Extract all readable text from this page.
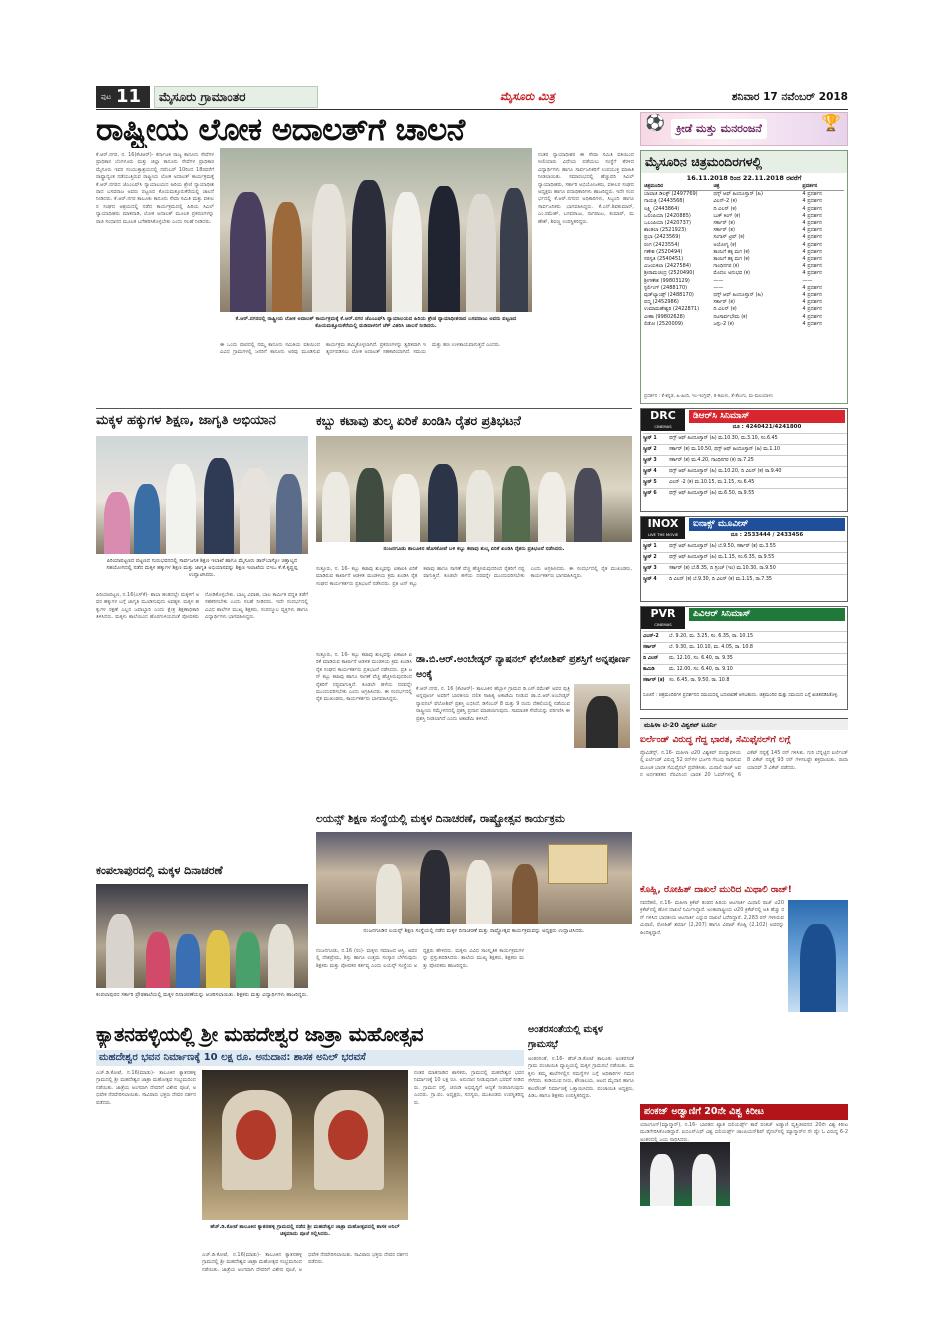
ಪುಟ 11	ಮೈಸೂರು ಗ್ರಾಮಾಂತರ	ಮೈಸೂರು ಮಿತ್ರ	ಶನಿವಾರ 17 ನವೆಂಬರ್ 2018
ರಾಷ್ಟ್ರೀಯ ಲೋಕ ಅದಾಲತ್‌ಗೆ ಚಾಲನೆ
ಕೆ.ಆರ್.ನಗರ, ನ. 16(ಕೆಟಿಆರ್)- ಕರ್ನಾಟಕ ರಾಜ್ಯ ಕಾನೂನು ಸೇವೆಗಳ ಪ್ರಾಧಿಕಾರ ಬೆಂಗಳೂರು ಮತ್ತು ಜಿಲ್ಲಾ ಕಾನೂನು ಸೇವೆಗಳ ಪ್ರಾಧಿಕಾರ ಮೈಸೂರು ಇವರ ಸಂಯುಕ್ತಾಶ್ರಯದಲ್ಲಿ ನವೆಂಬರ್ 10ರಿಂದ 18ರವರೆಗೆ ರಾಷ್ಟ್ರಾದ್ಯಂತ ನಡೆಯುತ್ತಿರುವ ರಾಷ್ಟ್ರೀಯ ಲೋಕ ಅದಾಲತ್ ಕಾರ್ಯಕ್ರಮಕ್ಕೆ ಕೆ.ಆರ್.ನಗರದ ಜೆಎಂಎಫ್‌ಸಿ ನ್ಯಾಯಾಲಯದ ಹಿರಿಯ ಶ್ರೇಣಿ ನ್ಯಾಯಾಧೀಶರಾದ ಬಸವರಾಜ ಅವರು ಪಟ್ಟಣದ ಕೊಯಮತ್ತೂರುಕೆರೆಯಲ್ಲಿ ಚಾಲನೆ ನೀಡಿದರು. ಕೆ.ಆರ್.ನಗರ ತಾಲೂಕು ಕಾನೂನು ಸೇವಾ ಸಮಿತಿ ಮತ್ತು ವಕೀಲರ ಸಂಘದ ಆಶ್ರಯದಲ್ಲಿ ನಡೆದ ಕಾರ್ಯಕ್ರಮದಲ್ಲಿ ಹಿರಿಯ ಸಿವಿಲ್ ನ್ಯಾಯಾಧೀಶರು ಮಾತನಾಡಿ, ಲೋಕ ಅದಾಲತ್ ಮೂಲಕ ಪ್ರಕರಣಗಳನ್ನು ರಾಜಿ ಸಂಧಾನದ ಮೂಲಕ ಬಗೆಹರಿಸಿಕೊಳ್ಳಬೇಕು ಎಂದು ಸಲಹೆ ನೀಡಿದರು.
ಕೆ.ಆರ್.ನಗರದಲ್ಲಿ ರಾಷ್ಟ್ರೀಯ ಲೋಕ ಅದಾಲತ್ ಕಾರ್ಯಕ್ರಮಕ್ಕೆ ಕೆ.ಆರ್.ನಗರ ಜೆಎಂಎಫ್‌ಸಿ ನ್ಯಾಯಾಲಯದ ಹಿರಿಯ ಶ್ರೇಣಿ ನ್ಯಾಯಾಧೀಶರಾದ ಬಸವರಾಜು ಅವರು ಪಟ್ಟಣದ ಕೊಯಮತ್ತೂರುಕೆರೆಯಲ್ಲಿ ಮಡಿವಾಳರಿಗೆ ಚೆಕ್ ವಿತರಿಸಿ ಚಾಲನೆ ನೀಡಿದರು.
ಈ ಒಂದು ವಾರದಲ್ಲಿ ನಮ್ಮ ಕಾನೂನು ಸಮಿತಿಯ ವತಿಯಿಂದ ವಿವಿಧ ಗ್ರಾಮಗಳಲ್ಲಿ ಜನರಿಗೆ ಕಾನೂನು ಅರಿವು ಮೂಡಿಸುವ ಕಾರ್ಯಕ್ರಮ ಹಮ್ಮಿಕೊಳ್ಳಲಾಗಿದೆ. ಪ್ರಕರಣಗಳನ್ನು ತ್ವರಿತವಾಗಿ ಇತ್ಯರ್ಥಪಡಿಸಲು ಲೋಕ ಅದಾಲತ್ ಸಹಕಾರಿಯಾಗಿದೆ. ಸಮಯ ಮತ್ತು ಹಣ ಉಳಿತಾಯವಾಗುತ್ತದೆ ಎಂದರು.
ನಂತರ ನ್ಯಾಯಾಧೀಶರ ಈ ಸೇವಾ ಸಮಿತಿ ವತಿಯಿಂದ ಸೀಲಿಯಾರು ವಿಧೇಯ ಪಡೆಯಲು ಸಂಸ್ಥೆಗೆ ತೆರಳಿದ ವಿದ್ಯಾರ್ಥಿಗಳು ಹಾಗೂ ಸಾರ್ವಜನಿಕರಿಗೆ ಉಪಯುಕ್ತ ಮಾಹಿತಿ ನೀಡಲಾಯಿತು. ಸಮಾರಂಭದಲ್ಲಿ ಹೆಚ್ಚುವರಿ ಸಿವಿಲ್ ನ್ಯಾಯಾಧೀಶರು, ಸರ್ಕಾರಿ ಅಭಿಯೋಜಕರು, ವಕೀಲರ ಸಂಘದ ಅಧ್ಯಕ್ಷರು ಹಾಗೂ ಪದಾಧಿಕಾರಿಗಳು ಹಾಜರಿದ್ದರು. ಇದೇ ಸಂದರ್ಭದಲ್ಲಿ ಕೆ.ಆರ್.ನಗರದ ಅಧಿಕಾರಿಗಳು, ಸಿಬ್ಬಂದಿ ಹಾಗೂ ಸಾರ್ವಜನಿಕರು ಭಾಗವಹಿಸಿದ್ದರು. ಕೆ.ಎನ್.ಶಿವಕುಮಾರ್, ಎಂ.ರಮೇಶ್, ಬಸವರಾಜು, ನಾಗರಾಜು, ಕುಮಾರ್, ಮಹೇಶ್, ಶಿವಣ್ಣ ಉಪಸ್ಥಿತರಿದ್ದರು.
⚽	ಕ್ರೀಡೆ ಮತ್ತು ಮನರಂಜನೆ	🏆
ಮೈಸೂರಿನ ಚಿತ್ರಮಂದಿರಗಳಲ್ಲಿ
16.11.2018 ರಿಂದ 22.11.2018 ರವರೆಗೆ
ಚಿತ್ರಮಂದಿರ	ಚಿತ್ರ	ಪ್ರದರ್ಶನ
ಬಾಲಾಜಿ ಡಿಲಕ್ಸ್ (2497769)	ಥಗ್ಸ್ ಆಫ್ ಹಿಂದೂಸ್ತಾನ್ (ಹಿ)	4 ಪ್ರದರ್ಶನ
ಗಾಯತ್ರಿ (2443568)	ವಿಲನ್-2 (ಕ)	4 ಪ್ರದರ್ಶನ
ಲಕ್ಷ್ಮಿ (2443864)	ದಿ ವಿಲನ್ (ಕ)	4 ಪ್ರದರ್ಶನ
ಒಲಿಂಪಿಯಾ (2420885)	ಬುಕ್ ಕಿಂಗ್ (ಕ)	4 ಪ್ರದರ್ಶನ
ಒಲಂಪಿಯಾ (2420737)	ಸರ್ಕಾರ್ (ತ)	4 ಪ್ರದರ್ಶನ
ಶಾಂತಲಾ (2521923)	ಸರ್ಕಾರ್ (ತ)	4 ಪ್ರದರ್ಶನ
ಪ್ರಭಾ (2423569)	ಸಂಗಾಸ್ ಟ್ರಿಪ್ (ಕ)	4 ಪ್ರದರ್ಶನ
ರಂಗ (2423554)	ಅಯೋಗ್ಯ (ಕ)	4 ಪ್ರದರ್ಶನ
ಗಣೇಶ (2520494)	ತಾಯಿಗೆ ತಕ್ಕ ಮಗ (ಕ)	4 ಪ್ರದರ್ಶನ
ಸರಸ್ವತಿ (2540451)	ತಾಯಿಗೆ ತಕ್ಕ ಮಗ (ಕ)	4 ಪ್ರದರ್ಶನ
ವಿಜಯಕಲಾ (2427584)	ಗಾಂಧಿನಗರ (ಕ)	4 ಪ್ರದರ್ಶನ
ಶ್ರೀರಾಮಚಂದ್ರ (2520490)	ಮೊದಲ ಅನುಭವ (ಕ)	4 ಪ್ರದರ್ಶನ
ಶ್ರೀಗಣೇಶ (99803129)	——	——
ಸ್ಟರ್ಲಿಂಗ್ (2488170)	——	4 ಪ್ರದರ್ಶನ
ವುಡ್‌ಲ್ಯಾಂಡ್ಸ್ (2488170)	ಥಗ್ಸ್ ಆಫ್ ಹಿಂದೂಸ್ತಾನ್ (ಹಿ)	4 ಪ್ರದರ್ಶನ
ಪದ್ಮ (2452986)	ಸರ್ಕಾರ್ (ತ)	4 ಪ್ರದರ್ಶನ
ಉಮಾಮಹೇಶ್ವರಿ (2422871)	ದಿ ವಿಲನ್ (ಕ)	4 ಪ್ರದರ್ಶನ
ವೀಣಾ (99802628)	ನಟಸಾರ್ವಭೌಮ (ಕ)	4 ಪ್ರದರ್ಶನ
ಲಿಡೋ (2520009)	ಜಗ್ಗು-2 (ಕ)	4 ಪ್ರದರ್ಶನ
ಪ್ರದರ್ಶನ : ಕೆ-ಕನ್ನಡ, ಹಿ-ಹಿಂದಿ, ಇಂ-ಇಂಗ್ಲಿಷ್, ತ-ತಮಿಳು, ತೆ-ತೆಲುಗು, ಮ-ಮಲಯಾಳಂ
ಮಕ್ಕಳ ಹಕ್ಕುಗಳ ಶಿಕ್ಷಣ, ಜಾಗೃತಿ ಅಭಿಯಾನ
ಪಿರಿಯಾಪಟ್ಟಣದ ಪಟ್ಟಣದ ಗುರುಭವನದಲ್ಲಿ ಸಾರ್ವಜನಿಕ ಶಿಕ್ಷಣ ಇಲಾಖೆ ಹಾಗೂ ಮೈಸೂರು ಡಾನ್‌ಬಾಸ್ಕೋ ಚಿತ್ತಾಲ್ಯದ ಸಹಯೋಗದಲ್ಲಿ ನಡೆದ ಮಕ್ಕಳ ಹಕ್ಕುಗಳ ಶಿಕ್ಷಣ ಮತ್ತು ಜಾಗೃತಿ ಅಭಿಯಾನವನ್ನು ಶಿಕ್ಷಣ ಇಲಾಖೆಯ ಬಿಇಒ ಕೆ.ಕೆ.ಕೃಷ್ಣಪ್ಪ ಉದ್ಘಾಟಿಸಿದರು.
ಪಿರಿಯಾಪಟ್ಟಣ, ನ.16(ಎಸ್‌ಕೆ)- ಶಾಲಾ ಹಂತದಲ್ಲೇ ಮಕ್ಕಳಿಗೆ ಅವರ ಹಕ್ಕುಗಳ ಬಗ್ಗೆ ಜಾಗೃತಿ ಮೂಡಿಸುವುದು ಅವಶ್ಯಕ. ಮಕ್ಕಳ ಹಕ್ಕುಗಳ ರಕ್ಷಣೆ ಎಲ್ಲರ ಜವಾಬ್ದಾರಿ ಎಂದು ಕ್ಷೇತ್ರ ಶಿಕ್ಷಣಾಧಿಕಾರಿ ತಿಳಿಸಿದರು. ಮಕ್ಕಳು ಶಾಲೆಯಿಂದ ಹೊರಗುಳಿಯದಂತೆ ಪೋಷಕರು ನೋಡಿಕೊಳ್ಳಬೇಕು. ಬಾಲ್ಯ ವಿವಾಹ, ಬಾಲ ಕಾರ್ಮಿಕ ಪದ್ಧತಿ ತಡೆಗೆ ಸಹಕರಿಸಬೇಕು ಎಂದು ಸಲಹೆ ನೀಡಿದರು. ಇದೇ ಸಂದರ್ಭದಲ್ಲಿ ವಿವಿಧ ಶಾಲೆಗಳ ಮುಖ್ಯ ಶಿಕ್ಷಕರು, ಸಂಪನ್ಮೂಲ ವ್ಯಕ್ತಿಗಳು ಹಾಗೂ ವಿದ್ಯಾರ್ಥಿಗಳು ಭಾಗವಹಿಸಿದ್ದರು.
ಕಬ್ಬು ಕಟಾವು ತುಲ್ಕ ಏರಿಕೆ ಖಂಡಿಸಿ ರೈತರ ಪ್ರತಿಭಟನೆ
ನಂಜನಗೂಡು ತಾಲೂಕಿನ ಹೊಸಕೋಟೆ ಬಳಿ ಕಬ್ಬು ಕಟಾವು ಶುಲ್ಕ ಏರಿಕೆ ಖಂಡಿಸಿ ರೈತರು ಪ್ರತಿಭಟನೆ ನಡೆಸಿದರು.
ಸುತ್ತೂರು, ನ. 16- ಕಬ್ಬು ಕಟಾವು ಶುಲ್ಕವನ್ನು ಏಕಾಏಕಿ ಏರಿಕೆ ಮಾಡಿರುವ ಕಾರ್ಖಾನೆ ಆಡಳಿತ ಮಂಡಳಿಯ ಕ್ರಮ ಖಂಡಿಸಿ ರೈತ ಸಂಘದ ಕಾರ್ಯಕರ್ತರು ಪ್ರತಿಭಟನೆ ನಡೆಸಿದರು. ಪ್ರತಿ ಟನ್ ಕಬ್ಬು ಕಟಾವು ಹಾಗೂ ಸಾಗಣೆ ವೆಚ್ಚ ಹೆಚ್ಚಿಸಿರುವುದರಿಂದ ರೈತರಿಗೆ ನಷ್ಟವಾಗುತ್ತಿದೆ. ಕೂಡಲೇ ಹಳೆಯ ದರವನ್ನೇ ಮುಂದುವರಿಸಬೇಕು ಎಂದು ಆಗ್ರಹಿಸಿದರು. ಈ ಸಂದರ್ಭದಲ್ಲಿ ರೈತ ಮುಖಂಡರು, ಕಾರ್ಯಕರ್ತರು ಭಾಗವಹಿಸಿದ್ದರು.
ಡಾ.ಬಿ.ಆರ್.ಅಂಬೇಡ್ಕರ್ ನ್ಯಾಷನಲ್ ಫೆಲೋಶಿಪ್ ಪ್ರಶಸ್ತಿಗೆ ಅನ್ನಪೂರ್ಣ ಅಂಕೈ
ಕೆ.ಆರ್.ನಗರ, ನ. 16 (ಕೆಟಿಆರ್)- ತಾಲೂಕಿನ ಹೆಬ್ಬಾಳ ಗ್ರಾಮದ ಡಿ.ಎಸ್.ರಮೇಶ್ ಅವರ ಪುತ್ರಿ ಅನ್ನಪೂರ್ಣ ಅವರಿಗೆ ಭಾರತೀಯ ದಲಿತ ಸಾಹಿತ್ಯ ಅಕಾಡೆಮಿ ನೀಡುವ ಡಾ.ಬಿ.ಆರ್.ಅಂಬೇಡ್ಕರ್ ನ್ಯಾಷನಲ್ ಫೆಲೋಶಿಪ್ ಪ್ರಶಸ್ತಿ ಲಭಿಸಿದೆ. ಡಿಸೆಂಬರ್ 8 ಮತ್ತು 9 ರಂದು ದೆಹಲಿಯಲ್ಲಿ ನಡೆಯುವ ರಾಷ್ಟ್ರೀಯ ಸಮ್ಮೇಳನದಲ್ಲಿ ಪ್ರಶಸ್ತಿ ಪ್ರದಾನ ಮಾಡಲಾಗುವುದು. ಸಾಮಾಜಿಕ ಸೇವೆಯನ್ನು ಪರಿಗಣಿಸಿ ಈ ಪ್ರಶಸ್ತಿ ನೀಡಲಾಗಿದೆ ಎಂದು ಅಕಾಡೆಮಿ ತಿಳಿಸಿದೆ.
ಸುತ್ತೂರು, ನ. 16- ಕಬ್ಬು ಕಟಾವು ಶುಲ್ಕವನ್ನು ಏಕಾಏಕಿ ಏರಿಕೆ ಮಾಡಿರುವ ಕಾರ್ಖಾನೆ ಆಡಳಿತ ಮಂಡಳಿಯ ಕ್ರಮ ಖಂಡಿಸಿ ರೈತ ಸಂಘದ ಕಾರ್ಯಕರ್ತರು ಪ್ರತಿಭಟನೆ ನಡೆಸಿದರು. ಪ್ರತಿ ಟನ್ ಕಬ್ಬು ಕಟಾವು ಹಾಗೂ ಸಾಗಣೆ ವೆಚ್ಚ ಹೆಚ್ಚಿಸಿರುವುದರಿಂದ ರೈತರಿಗೆ ನಷ್ಟವಾಗುತ್ತಿದೆ. ಕೂಡಲೇ ಹಳೆಯ ದರವನ್ನೇ ಮುಂದುವರಿಸಬೇಕು ಎಂದು ಆಗ್ರಹಿಸಿದರು. ಈ ಸಂದರ್ಭದಲ್ಲಿ ರೈತ ಮುಖಂಡರು, ಕಾರ್ಯಕರ್ತರು ಭಾಗವಹಿಸಿದ್ದರು.
ಲಯನ್ಸ್ ಶಿಕ್ಷಣ ಸಂಸ್ಥೆಯಲ್ಲಿ ಮಕ್ಕಳ ದಿನಾಚರಣೆ, ರಾಷ್ಟ್ರೋತ್ಸವ ಕಾರ್ಯಕ್ರಮ
ನಂಜನಗೂಡಿನ ಲಯನ್ಸ್ ಶಿಕ್ಷಣ ಸಂಸ್ಥೆಯಲ್ಲಿ ನಡೆದ ಮಕ್ಕಳ ದಿನಾಚರಣೆ ಮತ್ತು ರಾಷ್ಟ್ರೋತ್ಸವ ಕಾರ್ಯಕ್ರಮವನ್ನು ಅಧ್ಯಕ್ಷರು ಉದ್ಘಾಟಿಸಿದರು.
ನಂಜನಗೂಡು, ನ.16 (ರಂ)- ಮಕ್ಕಳು ಸಮಾಜದ ಆಸ್ತಿ. ಅವರಲ್ಲಿ ದೇಶಪ್ರೇಮ, ಶಿಸ್ತು ಹಾಗೂ ಉತ್ತಮ ಸಂಸ್ಕಾರ ಬೆಳೆಸುವುದು ಶಿಕ್ಷಕರು ಮತ್ತು ಪೋಷಕರ ಕರ್ತವ್ಯ ಎಂದು ಲಯನ್ಸ್ ಸಂಸ್ಥೆಯ ಅಧ್ಯಕ್ಷರು ಹೇಳಿದರು. ಮಕ್ಕಳು ವಿವಿಧ ಸಾಂಸ್ಕೃತಿಕ ಕಾರ್ಯಕ್ರಮಗಳನ್ನು ಪ್ರಸ್ತುತಪಡಿಸಿದರು. ಶಾಲೆಯ ಮುಖ್ಯ ಶಿಕ್ಷಕರು, ಶಿಕ್ಷಕರು ಮತ್ತು ಪೋಷಕರು ಹಾಜರಿದ್ದರು.
ಕಂಪಲಾಪುರದಲ್ಲಿ ಮಕ್ಕಳ ದಿನಾಚರಣೆ
ಕಂಪಲಾಪುರದ ಸರ್ಕಾರಿ ಪ್ರೌಢಶಾಲೆಯಲ್ಲಿ ಮಕ್ಕಳ ದಿನಾಚರಣೆಯನ್ನು ಆಚರಿಸಲಾಯಿತು. ಶಿಕ್ಷಕರು ಮತ್ತು ವಿದ್ಯಾರ್ಥಿಗಳು ಹಾಜರಿದ್ದರು.
ಅಂತರಸಂತೆಯಲ್ಲಿ ಮಕ್ಕಳ ಗ್ರಾಮಸಭೆ
ಅಂತರಸಂತೆ, ನ.16- ಹೆಚ್.ಡಿ.ಕೋಟೆ ತಾಲೂಕು ಅಂತರಸಂತೆ ಗ್ರಾಮ ಪಂಚಾಯಿತಿ ವ್ಯಾಪ್ತಿಯಲ್ಲಿ ಮಕ್ಕಳ ಗ್ರಾಮಸಭೆ ನಡೆಯಿತು. ಮಕ್ಕಳು ತಮ್ಮ ಶಾಲೆಗಳಲ್ಲಿನ ಸಮಸ್ಯೆಗಳ ಬಗ್ಗೆ ಅಧಿಕಾರಿಗಳ ಗಮನ ಸೆಳೆದರು. ಕುಡಿಯುವ ನೀರು, ಶೌಚಾಲಯ, ಆಟದ ಮೈದಾನ ಹಾಗೂ ಕಾಂಪೌಂಡ್ ನಿರ್ಮಾಣಕ್ಕೆ ಒತ್ತಾಯಿಸಿದರು. ಪಂಚಾಯಿತಿ ಅಧ್ಯಕ್ಷರು, ಪಿಡಿಒ ಹಾಗೂ ಶಿಕ್ಷಕರು ಉಪಸ್ಥಿತರಿದ್ದರು.
ಕ್ಯಾತನಹಳ್ಳಿಯಲ್ಲಿ ಶ್ರೀ ಮಹದೇಶ್ವರ ಜಾತ್ರಾ ಮಹೋತ್ಸವ
ಮಹದೇಶ್ವರ ಭವನ ನಿರ್ಮಾಣಕ್ಕೆ 10 ಲಕ್ಷ ರೂ. ಅನುದಾನ: ಶಾಸಕ ಅನಿಲ್ ಭರವಸೆ
ಎಚ್.ಡಿ.ಕೋಟೆ, ನ.16(ಮಾಡು)- ತಾಲೂಕಿನ ಕ್ಯಾತನಹಳ್ಳಿ ಗ್ರಾಮದಲ್ಲಿ ಶ್ರೀ ಮಹದೇಶ್ವರ ಜಾತ್ರಾ ಮಹೋತ್ಸವ ಸಂಭ್ರಮದಿಂದ ನಡೆಯಿತು. ಜಾತ್ರೆಯ ಅಂಗವಾಗಿ ದೇವರಿಗೆ ವಿಶೇಷ ಪೂಜೆ, ಅಭಿಷೇಕ ನೆರವೇರಿಸಲಾಯಿತು. ಸಾವಿರಾರು ಭಕ್ತರು ದೇವರ ದರ್ಶನ ಪಡೆದರು.
ಹೆಚ್.ಡಿ.ಕೋಟೆ ತಾಲೂಕಿನ ಕ್ಯಾತನಹಳ್ಳಿ ಗ್ರಾಮದಲ್ಲಿ ನಡೆದ ಶ್ರೀ ಮಹದೇಶ್ವರ ಜಾತ್ರಾ ಮಹೋತ್ಸವದಲ್ಲಿ ಶಾಸಕ ಅನಿಲ್ ಚಿಕ್ಕಮಾದು ಪೂಜೆ ಸಲ್ಲಿಸಿದರು.
ನಂತರ ಮಾತನಾಡಿದ ಶಾಸಕರು, ಗ್ರಾಮದಲ್ಲಿ ಮಹದೇಶ್ವರ ಭವನ ನಿರ್ಮಾಣಕ್ಕೆ 10 ಲಕ್ಷ ರೂ. ಅನುದಾನ ನೀಡುವುದಾಗಿ ಭರವಸೆ ನೀಡಿದರು. ಗ್ರಾಮದ ರಸ್ತೆ, ಚರಂಡಿ ಅಭಿವೃದ್ಧಿಗೆ ಆದ್ಯತೆ ನೀಡಲಾಗುವುದು ಎಂದರು. ಗ್ರಾ.ಪಂ. ಅಧ್ಯಕ್ಷರು, ಸದಸ್ಯರು, ಮುಖಂಡರು ಉಪಸ್ಥಿತರಿದ್ದರು.
ಎಚ್.ಡಿ.ಕೋಟೆ, ನ.16(ಮಾಡು)- ತಾಲೂಕಿನ ಕ್ಯಾತನಹಳ್ಳಿ ಗ್ರಾಮದಲ್ಲಿ ಶ್ರೀ ಮಹದೇಶ್ವರ ಜಾತ್ರಾ ಮಹೋತ್ಸವ ಸಂಭ್ರಮದಿಂದ ನಡೆಯಿತು. ಜಾತ್ರೆಯ ಅಂಗವಾಗಿ ದೇವರಿಗೆ ವಿಶೇಷ ಪೂಜೆ, ಅಭಿಷೇಕ ನೆರವೇರಿಸಲಾಯಿತು. ಸಾವಿರಾರು ಭಕ್ತರು ದೇವರ ದರ್ಶನ ಪಡೆದರು.
ಮಹಿಳಾ ಟಿ-20 ವಿಶ್ವಕಪ್ ಟೂರ್ನಿ
ಐರ್ಲೆಂಡ್ ವಿರುದ್ಧ ಗೆದ್ದ ಭಾರತ, ಸೆಮಿಫೈನಲ್‌ಗೆ ಲಗ್ಗೆ
ಪ್ರೊವಿಡೆನ್ಸ್, ನ.16- ಮಹಿಳಾ ಟಿ20 ವಿಶ್ವಕಪ್ ಪಂದ್ಯಾವಳಿಯಲ್ಲಿ ಐರ್ಲೆಂಡ್ ವಿರುದ್ಧ 52 ರನ್‌ಗಳ ಭರ್ಜರಿ ಗೆಲುವು ಸಾಧಿಸುವ ಮೂಲಕ ಭಾರತ ಸೆಮಿಫೈನಲ್ ಪ್ರವೇಶಿಸಿತು. ಮಿಥಾಲಿ ರಾಜ್ ಅವರ ಅರ್ಧಶತಕದ ನೆರವಿನಿಂದ ಭಾರತ 20 ಓವರ್‌ಗಳಲ್ಲಿ 6 ವಿಕೆಟ್ ನಷ್ಟಕ್ಕೆ 145 ರನ್ ಗಳಿಸಿತು. ಗುರಿ ಬೆನ್ನಟ್ಟಿದ ಐರ್ಲೆಂಡ್ 8 ವಿಕೆಟ್ ನಷ್ಟಕ್ಕೆ 93 ರನ್ ಗಳಿಸಲಷ್ಟೇ ಶಕ್ತವಾಯಿತು. ರಾಧಾ ಯಾದವ್ 3 ವಿಕೆಟ್ ಪಡೆದರು.
ಕೊಹ್ಲಿ, ರೋಹಿತ್ ದಾಖಲೆ ಮುರಿದ ಮಿಥಾಲಿ ರಾಜ್!
ನವದೆಹಲಿ, ನ.16- ಮಹಿಳಾ ಕ್ರಿಕೆಟ್ ತಂಡದ ಹಿರಿಯ ಆಟಗಾರ್ತಿ ಮಿಥಾಲಿ ರಾಜ್ ಟಿ20 ಕ್ರಿಕೆಟ್‌ನಲ್ಲಿ ಹೊಸ ದಾಖಲೆ ನಿರ್ಮಿಸಿದ್ದಾರೆ. ಅಂತಾರಾಷ್ಟ್ರೀಯ ಟಿ20 ಕ್ರಿಕೆಟ್‌ನಲ್ಲಿ ಅತಿ ಹೆಚ್ಚು ರನ್ ಗಳಿಸಿದ ಭಾರತೀಯ ಆಟಗಾರ್ತಿ ಎನ್ನುವ ದಾಖಲೆ ಬರೆದಿದ್ದಾರೆ. 2,283 ರನ್ ಗಳಿಸಿರುವ ಮಿಥಾಲಿ, ರೋಹಿತ್ ಶರ್ಮಾ (2,207) ಹಾಗೂ ವಿರಾಟ್ ಕೊಹ್ಲಿ (2,102) ಅವರನ್ನು ಹಿಂದಿಕ್ಕಿದ್ದಾರೆ.
ಪಂಕಜ್ ಅಡ್ವಾಣಿಗೆ 20ನೇ ವಿಶ್ವ ಕಿರೀಟ
ಯಾಂಗೂನ್(ಮ್ಯಾನ್ಮಾರ್), ನ.16- ಭಾರತದ ಖ್ಯಾತ ಬಿಲಿಯರ್ಡ್ಸ್ ತಾರೆ ಪಂಕಜ್ ಅಡ್ವಾಣಿ ವೃತ್ತಿಜೀವನದ 20ನೇ ವಿಶ್ವ ಕಿರೀಟ ಮುಡಿಗೇರಿಸಿಕೊಂಡಿದ್ದಾರೆ. ಐಬಿಎಸ್‌ಎಫ್ ವಿಶ್ವ ಬಿಲಿಯರ್ಡ್ಸ್ ಚಾಂಪಿಯನ್‌ಶಿಪ್ ಫೈನಲ್‌ನಲ್ಲಿ ಮ್ಯಾನ್ಮಾರ್‌ನ ನೇ ಥ್ವೇ ಓ ವಿರುದ್ಧ 6-2 ಅಂತರದಲ್ಲಿ ಜಯ ಸಾಧಿಸಿದರು.
DRC
CINEMAS
ಡಿಆರ್‌ಸಿ ಸಿನಿಮಾಸ್
ದೂ : 4240421/4241800
ಸ್ಕ್ರೀನ್ 1	ಥಗ್ಸ್ ಆಫ್ ಹಿಂದೂಸ್ತಾನ್ (ಹಿ) ಮ.10.30, ಮ.3.10, ಸಂ.6.45
ಸ್ಕ್ರೀನ್ 2	ಸರ್ಕಾರ್ (ತ) ಮ.10.50, ಥಗ್ಸ್ ಆಫ್ ಹಿಂದೂಸ್ತಾನ್ (ಹಿ) ಮ.1.10
ಸ್ಕ್ರೀನ್ 3	ಸರ್ಕಾರ್ (ತ) ಮ.4.20, ಗಾಂಧಿನಗರ (ಕ) ರಾ.7.25
ಸ್ಕ್ರೀನ್ 4	ಥಗ್ಸ್ ಆಫ್ ಹಿಂದೂಸ್ತಾನ್ (ಹಿ) ಮ.10.20, ದಿ ವಿಲನ್ (ಕ) ರಾ.9.40
ಸ್ಕ್ರೀನ್ 5	ವಿಲನ್ -2 (ಕ) ಮ.10.15, ಮ.1.15, ಸಂ.6.45
ಸ್ಕ್ರೀನ್ 6	ಥಗ್ಸ್ ಆಫ್ ಹಿಂದೂಸ್ತಾನ್ (ಹಿ) ಮ.6.50, ರಾ.9.55
INOX
LIVE THE MOVIE
ಐನಾಕ್ಸ್ ಮೂವೀಸ್
ದೂ : 2533444 / 2433456
ಸ್ಕ್ರೀನ್ 1	ಥಗ್ಸ್ ಆಫ್ ಹಿಂದೂಸ್ತಾನ್ (ಹಿ) ಬೆ.9.50, ಸರ್ಕಾರ್ (ತ) ಮ.3.55
ಸ್ಕ್ರೀನ್ 2	ಥಗ್ಸ್ ಆಫ್ ಹಿಂದೂಸ್ತಾನ್ (ಹಿ) ಮ.1.15, ಸಂ.6.35, ರಾ.9.55
ಸ್ಕ್ರೀನ್ 3	ಸರ್ಕಾರ್ (ತ) ಬೆ.8.35, ದಿ ಗ್ರಿಂಚ್ (ಇಂ) ಮ.10.30, ರಾ.9.50
ಸ್ಕ್ರೀನ್ 4	ದಿ ವಿಲನ್ (ಕ) ಬೆ.9.30, ದಿ ವಿಲನ್ (ಕ) ಮ.1.15, ರಾ.7.35
PVR
CINEMAS
ಪಿವಿಆರ್ ಸಿನಿಮಾಸ್
ವಿಲನ್-2	ಬೆ. 9.20, ಮ. 3.25, ಸಂ. 6.35, ರಾ. 10.15
ಸರ್ಕಾರ್	ಬೆ. 9.30, ಮ. 10.10, ಮ. 4.05, ರಾ. 10.8
ದಿ ವಿಲನ್	ಮ. 12.10, ಸಂ. 6.40, ರಾ. 9.35
ಕಾಮಿಡಿ	ಮ. 12.00, ಸಂ. 6.40, ರಾ. 9.10
ಸರ್ಕಾರ್ (ತ) ಸಂ. 6.45, ರಾ. 9.50, ರಾ. 10.8
ಸೂಚನೆ : ಚಿತ್ರಮಂದಿರಗಳ ಪ್ರದರ್ಶನದ ಸಮಯದಲ್ಲಿ ಬದಲಾವಣೆ ಆಗಬಹುದು. ಚಿತ್ರಮಂದಿರ ಮತ್ತು ಸಮಯದ ಬಗ್ಗೆ ಖಚಿತಪಡಿಸಿಕೊಳ್ಳಿ.
